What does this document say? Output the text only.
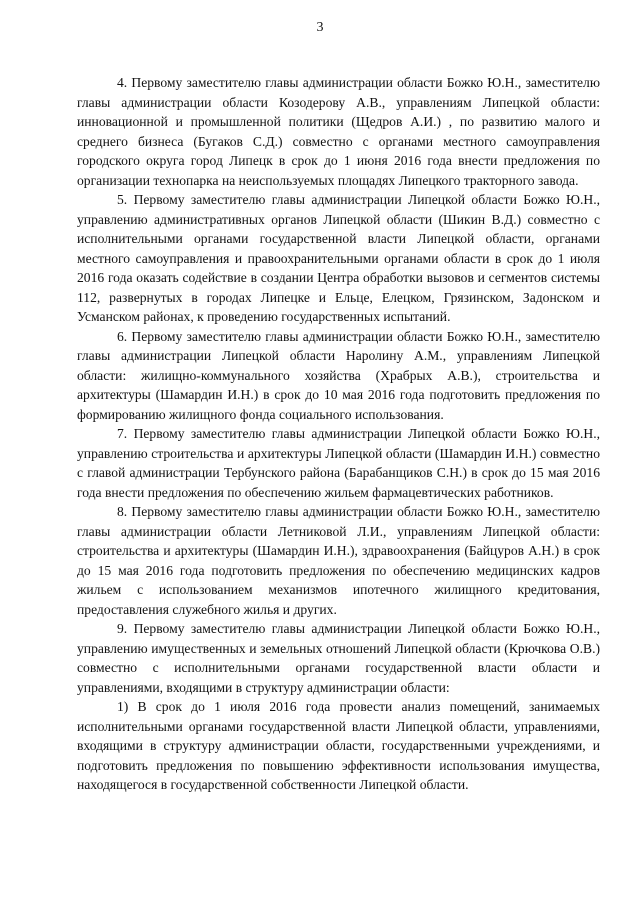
3

4. Первому заместителю главы администрации области Божко Ю.Н., заместителю главы администрации области Козодерову А.В., управлениям Липецкой области: инновационной и промышленной политики (Щедров А.И.) , по развитию малого и среднего бизнеса (Бугаков С.Д.) совместно с органами местного самоуправления городского округа город Липецк в срок до 1 июня 2016 года внести предложения по организации технопарка на неиспользуемых площадях Липецкого тракторного завода.

5. Первому заместителю главы администрации Липецкой области Божко Ю.Н., управлению административных органов Липецкой области (Шикин В.Д.) совместно с исполнительными органами государственной власти Липецкой области, органами местного самоуправления и правоохранительными органами области в срок до 1 июля 2016 года оказать содействие в создании Центра обработки вызовов и сегментов системы 112, развернутых в городах Липецке и Ельце, Елецком, Грязинском, Задонском и Усманском районах, к проведению государственных испытаний.

6. Первому заместителю главы администрации области Божко Ю.Н., заместителю главы администрации Липецкой области Наролину А.М., управлениям Липецкой области: жилищно-коммунального хозяйства (Храбрых А.В.), строительства и архитектуры (Шамардин И.Н.) в срок до 10 мая 2016 года подготовить предложения по формированию жилищного фонда социального использования.

7. Первому заместителю главы администрации Липецкой области Божко Ю.Н., управлению строительства и архитектуры Липецкой области (Шамардин И.Н.) совместно с главой администрации Тербунского района (Барабанщиков С.Н.) в срок до 15 мая 2016 года внести предложения по обеспечению жильем фармацевтических работников.

8. Первому заместителю главы администрации области Божко Ю.Н., заместителю главы администрации области Летниковой Л.И., управлениям Липецкой области: строительства и архитектуры (Шамардин И.Н.), здравоохранения (Байцуров А.Н.) в срок до 15 мая 2016 года подготовить предложения по обеспечению медицинских кадров жильем с использованием механизмов ипотечного жилищного кредитования, предоставления служебного жилья и других.

9. Первому заместителю главы администрации Липецкой области Божко Ю.Н., управлению имущественных и земельных отношений Липецкой области (Крючкова О.В.) совместно с исполнительными органами государственной власти области и управлениями, входящими в структуру администрации области:

1) В срок до 1 июля 2016 года провести анализ помещений, занимаемых исполнительными органами государственной власти Липецкой области, управлениями, входящими в структуру администрации области, государственными учреждениями, и подготовить предложения по повышению эффективности использования имущества, находящегося в государственной собственности Липецкой области.
